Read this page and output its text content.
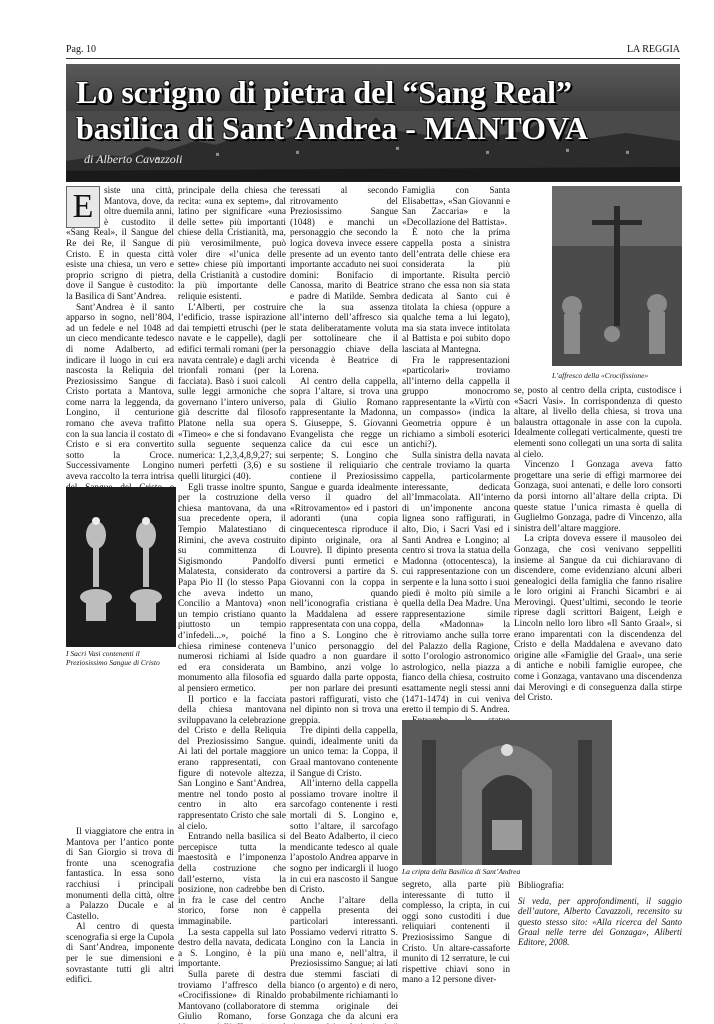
Pag. 10	LA REGGIA
Lo scrigno di pietra del “Sang Real”
basilica di Sant’Andrea - MANTOVA
di Alberto Cavazzoli
E	siste una città, Mantova, dove, da oltre duemila anni, è custodito il «Sang Real», il Sangue del Re dei Re, il Sangue di Cristo. E in questa città esiste una chiesa, un vero e proprio scrigno di pietra, dove il Sangue è custodito: la Basilica di Sant’Andrea.

Sant’Andrea è il santo apparso in sogno, nell’804, ad un fedele e nel 1048 ad un cieco mendicante tedesco di nome Adalberto, ad indicare il luogo in cui era nascosta la Reliquia del Preziosissimo Sangue di Cristo portata a Mantova, come narra la leggenda, da Longino, il centurione romano che aveva trafitto con la sua lancia il costato di Cristo e si era convertito sotto la Croce. Successivamente Longino aveva raccolto la terra intrisa

Il viaggiatore che entra in Mantova per l’antico ponte di San Giorgio si trova di fronte una scenografia fantastica. In essa sono racchiusi i principali monumenti della città, oltre a Palazzo Ducale e al Castello.

Al centro di questa scenografia si erge la Cupola di Sant’Andrea, imponente per le sue dimensioni e sovrastante tutti gli altri edifici.

I Sacri Vasi contenenti il Preziosissimo Sangue di Cristo

principale della chiesa che recita: «una ex septem», dal latino per significare «una delle sette» più importanti chiese della Cristianità, ma, più verosimilmente, può voler dire «l’unica delle sette» chiese più importanti della Cristianità a custodire la più importante delle reliquie esistenti.

L’Alberti, per costruire l’edificio, trasse ispirazione dai tempietti etruschi (per le navate e le cappelle), dagli edifici termali romani (per la navata centrale) e dagli archi trionfali romani (per la facciata). Basò i suoi calcoli sulle leggi armoniche che governano l’intero universo, già descritte dal filosofo Platone nella sua opera «Timeo» e che si fondavano sulla seguente sequenza numerica: 1,2,3,4,8,9,27; sui numeri perfetti (3,6) e su quelli liturgici (40).

Egli trasse inoltre spunto, per la costruzione della chiesa mantovana, da una sua precedente opera, il Tempio Malatestiano di Rimini, che aveva costruito su committenza di Sigismondo Pandolfo Malatesta, considerato da Papa Pio II (lo stesso Papa che aveva indetto un Concilio a Mantova) «non un tempio cristiano quanto piuttosto un tempio d’infedeli...», poiché la chiesa riminese conteneva numerosi richiami al Iside ed era considerata un monumento alla filosofia ed al pensiero ermetico.

Il portico e la facciata della chiesa mantovana sviluppavano la celebrazione del Cristo e della Reliquia del Preziosissimo Sangue. Ai lati del portale maggiore erano rappresentati, con figure di notevole altezza, San Longino e Sant’Andrea, mentre nel tondo posto al centro in alto era rappresentato Cristo che sale al cielo.

Entrando nella basilica si percepisce tutta la maestosità e l’imponenza della costruzione che dall’esterno, vista la posizione, non cadrebbe ben in fra le case del centro storico, forse non è immaginabile.

La sesta cappella sul lato destro della navata, dedicata a S. Longino, è la più importante.

Sulla parete di destra troviamo l’affresco della «Crocifissione» di Rinaldo Mantovano (collaboratore di Giulio Romano, forse

teressati al secondo ritrovamento del Preziosissimo Sangue (1048) e manchi un personaggio che secondo la logica doveva invece essere presente ad un evento tanto importante accaduto nei suoi domini: Bonifacio di Canossa, marito di Beatrice e padre di Matilde. Sembra che la sua assenza all’interno dell’affresco sia stata deliberatamente voluta per sottolineare che il personaggio chiave della vicenda è Beatrice di Lorena.

Al centro della cappella, sopra l’altare, si trova una pala di Giulio Romano rappresentante la Madonna, S. Giuseppe, S. Giovanni Evangelista che regge un calice da cui esce un serpente; S. Longino che sostiene il reliquiario che contiene il Preziosissimo Sangue e guarda idealmente verso il quadro del «Ritrovamento» ed i pastori adoranti (una copia cinquecentesca riproduce il dipinto originale, ora al Louvre). Il dipinto presenta diversi punti ermetici e controversi a partire da S. Giovanni con la coppa in mano, quando nell’iconografia cristiana è la Maddalena ad essere rappresentata con una coppa, fino a S. Longino che è l’unico personaggio del quadro a non guardare il Bambino, anzi volge lo sguardo dalla parte opposta, per non parlare dei presunti pastori raffigurati, visto che nel dipinto non si trova una greppia.

Tre dipinti della cappella, quindi, idealmente uniti da un unico tema: la Coppa, il Graal mantovano contenente il Sangue di Cristo.

All’interno della cappella possiamo trovare inoltre il sarcofago contenente i resti mortali di S. Longino e, sotto l’altare, il sarcofago del Beato Adalberto, il cieco mendicante tedesco al quale l’apostolo Andrea apparve in sogno per indicargli il luogo in cui era nascosto il Sangue di Cristo.

Anche l’altare della cappella presenta dei particolari interessanti. Possiamo vedervi ritratto S. Longino con la Lancia in una mano e, nell’altra, il Preziosissimo Sangue; ai lati due stemmi fasciati di bianco (o argento) e di nero, probabilmente richiamanti lo stemma originale dei Gonzaga che da alcuni era

Famiglia con Santa Elisabetta», «San Giovanni e San Zaccaria» e la «Decollazione del Battista».

È noto che la prima cappella posta a sinistra dell’entrata delle chiese era considerata la più importante. Risulta perciò strano che essa non sia stata dedicata al Santo cui è titolata la chiesa (oppure a qualche tema a lui legato), ma sia stata invece intitolata al Battista e poi subito dopo lasciata al Mantegna.

Fra le rappresentazioni «particolari» troviamo all’interno della cappella il gruppo monocromo rappresentante la «Virtù con un compasso» (indica la Geometria oppure è un richiamo a simboli esoterici antichi?).

Sulla sinistra della navata centrale troviamo la quarta cappella, particolarmente interessante, dedicata all’Immacolata. All’interno di un’imponente ancona lignea sono raffigurati, in alto, Dio, i Sacri Vasi ed i Santi Andrea e Longino; al centro si trova la statua della Madonna (ottocentesca), la cui rappresentazione con un serpente e la luna sotto i suoi piedi è molto più simile a quella della Dea Madre. Una rappresentazione simile della «Madonna» la ritroviamo anche sulla torre del Palazzo della Ragione, sotto l’orologio astronomico astrologico, nella piazza a fianco della chiesa, costruito esattamente negli stessi anni (1471-1474) in cui veniva eretto il tempio di S. Andrea.

L’affresco della «Crocifissione»

se, posto al centro della cripta, custodisce i «Sacri Vasi». In corrispondenza di questo altare, al livello della chiesa, si trova una balaustra ottagonale in asse con la cupola. Idealmente collegati verticalmente, questi tre elementi sono collegati un una sorta di salita al cielo.

Vincenzo I Gonzaga aveva fatto progettare una serie di effigi marmoree dei Gonzaga, suoi antenati, e delle loro consorti da porsi intorno all’altare della cripta. Di queste statue l’unica rimasta è quella di Guglielmo Gonzaga, padre di Vincenzo, alla sinistra dell’altare maggiore.

La cripta doveva essere il mausoleo dei Gonzaga, che così venivano seppelliti insieme al Sangue da cui dichiaravano di discendere, come evidenziano alcuni alberi genealogici della famiglia che fanno risalire le loro origini ai Franchi Sicambri e ai Merovingi. Quest’ultimi, secondo le teorie riprese dagli scrittori Baigent, Leigh e Lincoln nello loro libro «Il Santo Graal», si erano imparentati con la discendenza del Cristo e della Maddalena e avevano dato origine alle «Famiglie del Graal», una serie di antiche e nobili famiglie europee, che come i Gonzaga, vantavano una discendenza dai Merovingi e di conseguenza dalla stirpe del Cristo.

La cripta della Basilica di Sant’Andrea

segreto, alla parte più interessante di tutto il complesso, la cripta, in cui oggi sono custoditi i due reliquiari contenenti il Preziosissimo Sangue di Cristo. Un altare-cassaforte munito di 12 serrature, le cui rispettive chiavi sono in mano a 12 persone diver-

Bibliografia:
Si veda, per approfondimenti, il saggio dell’autore, Alberto Cavazzoli, recensito su questo stesso sito: «Alla ricerca del Santo Graal nelle terre dei Gonzaga», Aliberti Editore, 2008.
